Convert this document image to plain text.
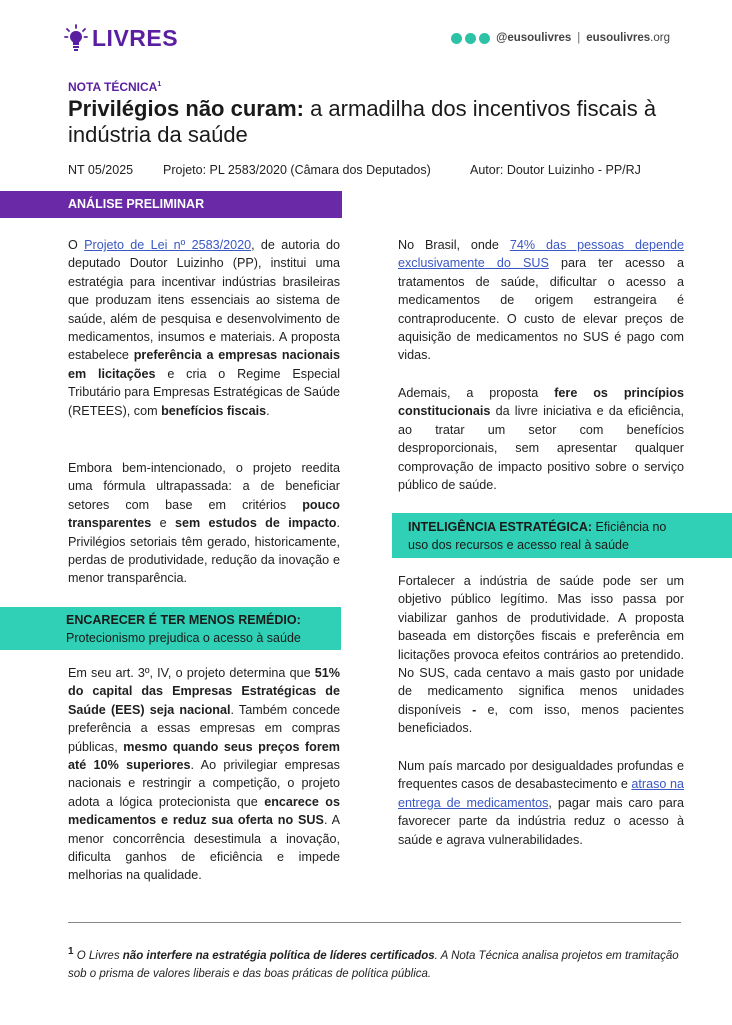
LIVRES	@eusoulivres | eusoulivres.org
NOTA TÉCNICA$^1$
Privilégios não curam: a armadilha dos incentivos fiscais à indústria da saúde
NT 05/2025 Projeto: PL 2583/2020 (Câmara dos Deputados)	Autor: Doutor Luizinho - PP/RJ
ANÁLISE PRELIMINAR

O Projeto de Lei nº 2583/2020, de autoria do deputado Doutor Luizinho (PP), institui uma estratégia para incentivar indústrias brasileiras que produzam itens essenciais ao sistema de saúde, além de pesquisa e desenvolvimento de medicamentos, insumos e materiais. A proposta estabelece preferência a empresas nacionais em licitações e cria o Regime Especial Tributário para Empresas Estratégicas de Saúde (RETEES), com benefícios fiscais.

Embora bem-intencionado, o projeto reedita uma fórmula ultrapassada: a de beneficiar setores com base em critérios pouco transparentes e sem estudos de impacto. Privilégios setoriais têm gerado, historicamente, perdas de produtividade, redução da inovação e menor transparência.

ENCARECER É TER MENOS REMÉDIO:
Protecionismo prejudica o acesso à saúde

Em seu art. 3º, IV, o projeto determina que 51% do capital das Empresas Estratégicas de Saúde (EES) seja nacional. Também concede preferência a essas empresas em compras públicas, mesmo quando seus preços forem até 10% superiores. Ao privilegiar empresas nacionais e restringir a competição, o projeto adota a lógica protecionista que encarece os medicamentos e reduz sua oferta no SUS. A menor concorrência desestimula a inovação, dificulta ganhos de eficiência e impede melhorias na qualidade.

No Brasil, onde 74% das pessoas depende exclusivamente do SUS para ter acesso a tratamentos de saúde, dificultar o acesso a medicamentos de origem estrangeira é contraproducente. O custo de elevar preços de aquisição de medicamentos no SUS é pago com vidas.

Ademais, a proposta fere os princípios constitucionais da livre iniciativa e da eficiência, ao tratar um setor com benefícios desproporcionais, sem apresentar qualquer comprovação de impacto positivo sobre o serviço público de saúde.

INTELIGÊNCIA ESTRATÉGICA: Eficiência no
uso dos recursos e acesso real à saúde

Fortalecer a indústria de saúde pode ser um objetivo público legítimo. Mas isso passa por viabilizar ganhos de produtividade. A proposta baseada em distorções fiscais e preferência em licitações provoca efeitos contrários ao pretendido. No SUS, cada centavo a mais gasto por unidade de medicamento significa menos unidades disponíveis - e, com isso, menos pacientes beneficiados.

Num país marcado por desigualdades profundas e frequentes casos de desabastecimento e atraso na entrega de medicamentos, pagar mais caro para favorecer parte da indústria reduz o acesso à saúde e agrava vulnerabilidades.

$^1$ O Livres não interfere na estratégia política de líderes certificados. A Nota Técnica analisa projetos em tramitação sob o prisma de valores liberais e das boas práticas de política pública.
